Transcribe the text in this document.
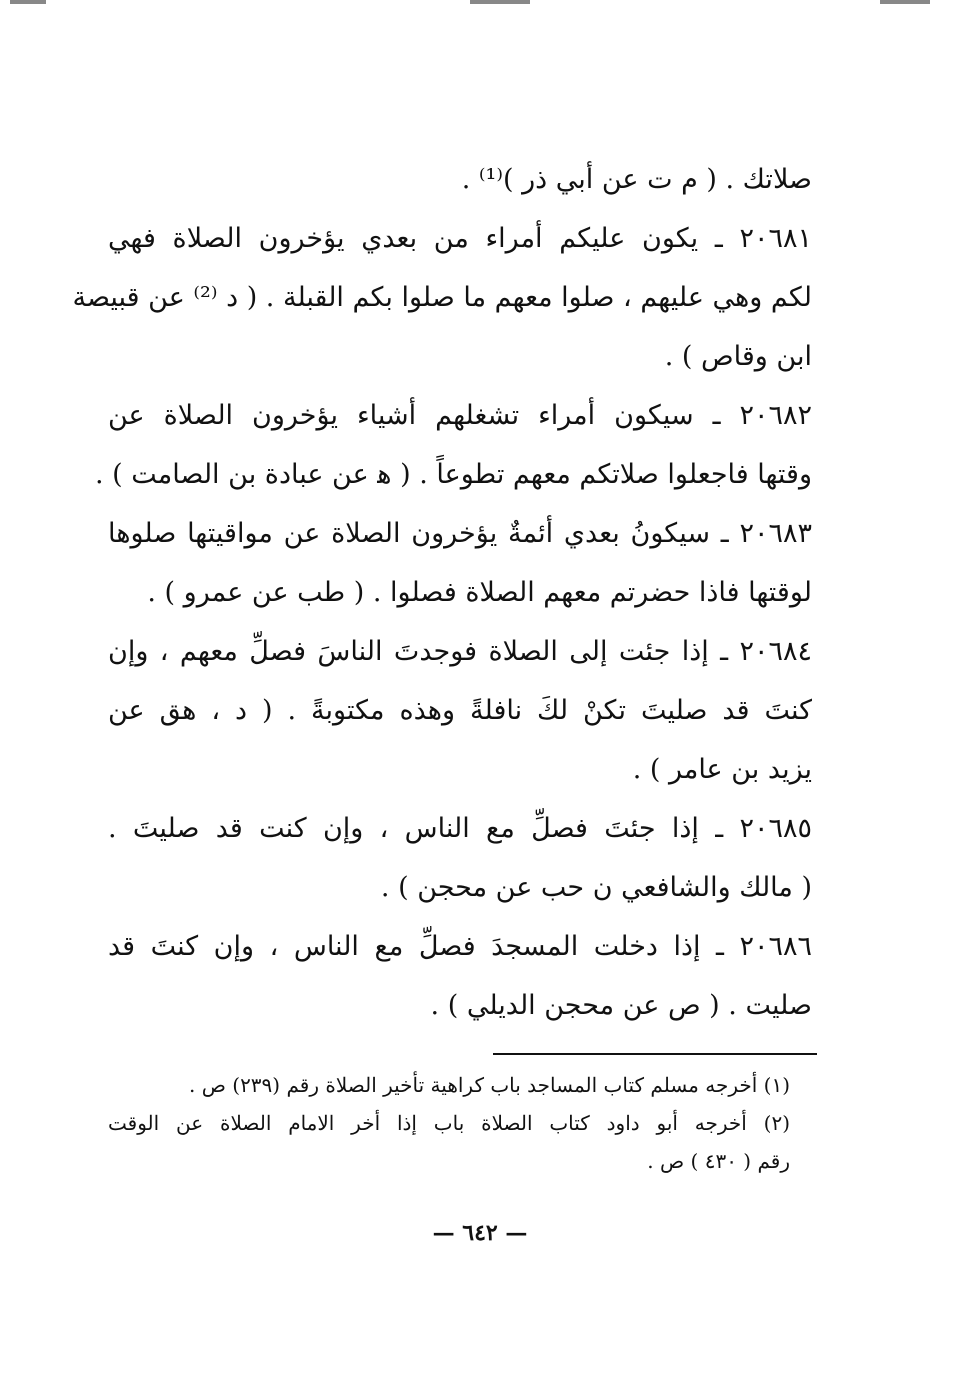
صلاتك . ( م ت عن أبي ذر )⁽¹⁾ .
٢٠٦٨١ ـ يكون عليكم أمراء من بعدي يؤخرون الصلاة فهي
لكم وهي عليهم ، صلوا معهم ما صلوا بكم القبلة . ( د ⁽²⁾ عن قبيصة
ابن وقاص ) .
٢٠٦٨٢ ـ سيكون أمراء تشغلهم أشياء يؤخرون الصلاة عن
وقتها فاجعلوا صلاتكم معهم تطوعاً . ( ﻫ عن عبادة بن الصامت ) .
٢٠٦٨٣ ـ سيكونُ بعدي أئمةٌ يؤخرون الصلاة عن مواقيتها صلوها
لوقتها فاذا حضرتم معهم الصلاة فصلوا . ( طب عن عمرو ) .
٢٠٦٨٤ ـ إذا جئت إلى الصلاة فوجدتَ الناسَ فصلِّ معهم ، وإن
كنتَ قد صليتَ تكنْ لكَ نافلةً وهذه مكتوبةً . ( د ، هق عن
يزيد بن عامر ) .
٢٠٦٨٥ ـ إذا جئتَ فصلِّ مع الناس ، وإن كنت قد صليتَ .
( مالك والشافعي ن حب عن محجن ) .
٢٠٦٨٦ ـ إذا دخلت المسجدَ فصلِّ مع الناس ، وإن كنتَ قد
صليت . ( ص عن محجن الديلي ) .
(١) أخرجه مسلم كتاب المساجد باب كراهية تأخير الصلاة رقم (٢٣٩) ص .
(٢) أخرجه أبو داود كتاب الصلاة باب إذا أخر الامام الصلاة عن الوقت
رقم ( ٤٣٠ ) ص .
— ٦٤٢ —
